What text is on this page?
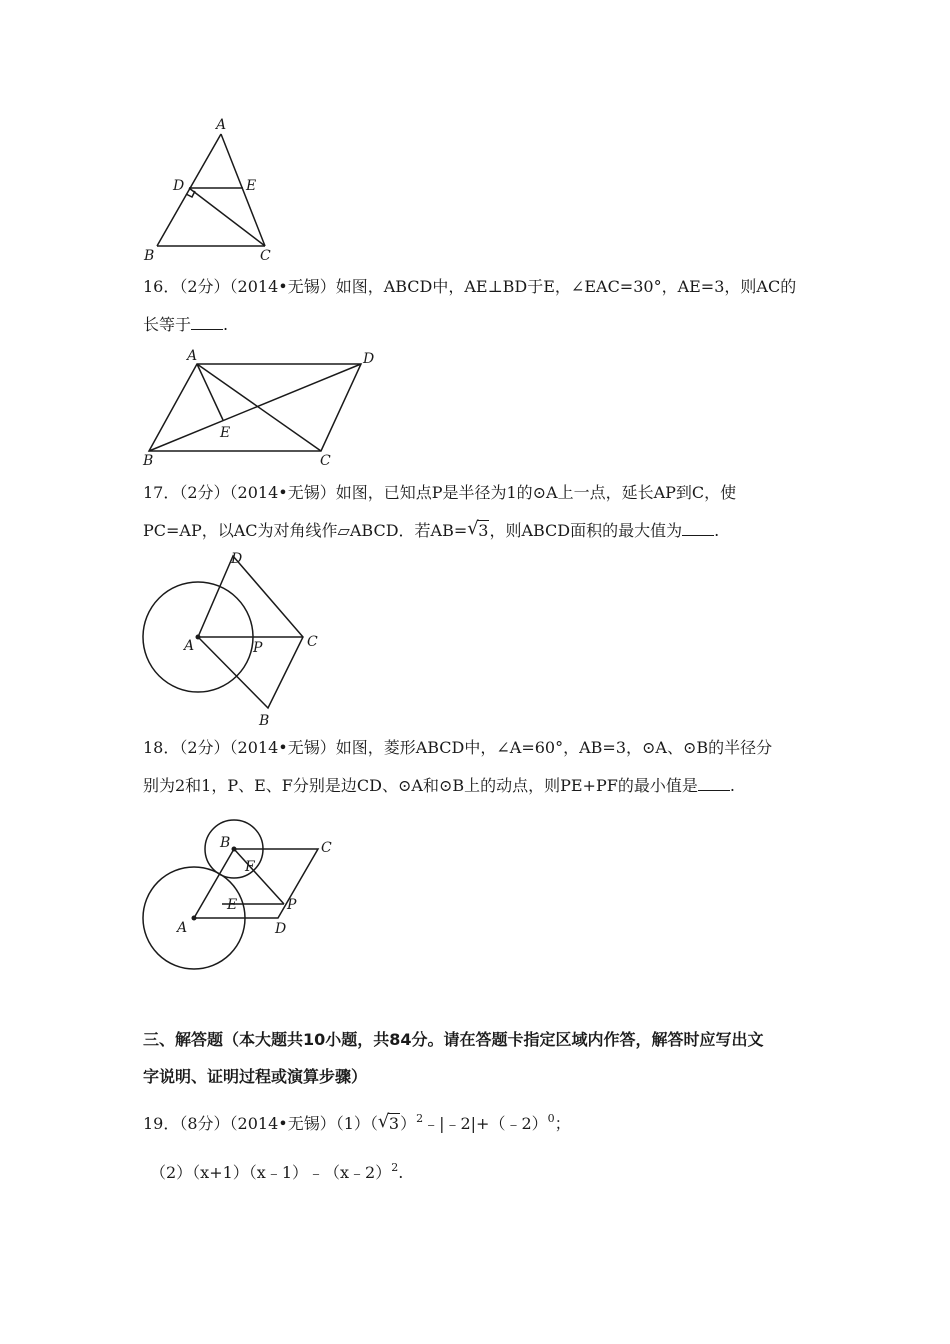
A
D	E
B	C
16．（2分）（2014•无锡）如图，ABCD中，AE⊥BD于E，∠EAC=30°，AE=3，则AC的
长等于 .
A	D
E
B	C
17．（2分）（2014•无锡）如图，已知点P是半径为1的⊙A上一点，延长AP到C，使
PC=AP，以AC为对角线作▱ABCD．若AB= √ 3，则ABCD面积的最大值为 .
D
A	P	C
B
18．（2分）（2014•无锡）如图，菱形ABCD中，∠A=60°，AB=3，⊙A、⊙B的半径分
别为2和1，P、E、F分别是边CD、⊙A和⊙B上的动点，则PE+PF的最小值是 .
B
F
C
E	P
A	D
三、解答题（本大题共10小题，共84分。请在答题卡指定区域内作答，解答时应写出文
字说明、证明过程或演算步骤）
19．（8分）（2014•无锡）（1）（ √ 3）$^2$﹣|﹣2|+（﹣2）$^0$；
（2）（x+1）（x﹣1）﹣（x﹣2）$^2$.
